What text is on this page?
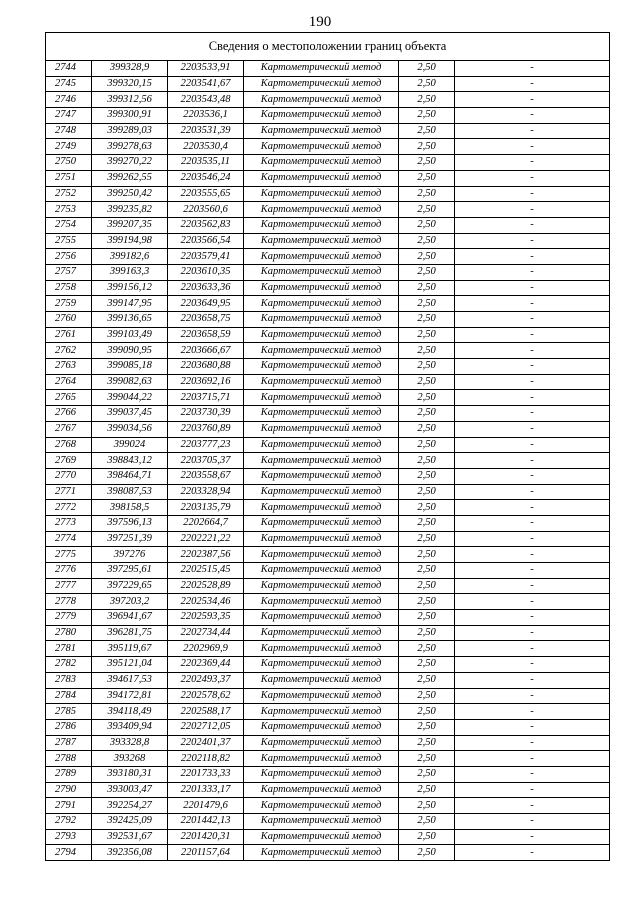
190
Сведения о местоположении границ объекта					
2744	399328,9	2203533,91	Картометрический метод	2,50	-
2745	399320,15	2203541,67	Картометрический метод	2,50	-
2746	399312,56	2203543,48	Картометрический метод	2,50	-
2747	399300,91	2203536,1	Картометрический метод	2,50	-
2748	399289,03	2203531,39	Картометрический метод	2,50	-
2749	399278,63	2203530,4	Картометрический метод	2,50	-
2750	399270,22	2203535,11	Картометрический метод	2,50	-
2751	399262,55	2203546,24	Картометрический метод	2,50	-
2752	399250,42	2203555,65	Картометрический метод	2,50	-
2753	399235,82	2203560,6	Картометрический метод	2,50	-
2754	399207,35	2203562,83	Картометрический метод	2,50	-
2755	399194,98	2203566,54	Картометрический метод	2,50	-
2756	399182,6	2203579,41	Картометрический метод	2,50	-
2757	399163,3	2203610,35	Картометрический метод	2,50	-
2758	399156,12	2203633,36	Картометрический метод	2,50	-
2759	399147,95	2203649,95	Картометрический метод	2,50	-
2760	399136,65	2203658,75	Картометрический метод	2,50	-
2761	399103,49	2203658,59	Картометрический метод	2,50	-
2762	399090,95	2203666,67	Картометрический метод	2,50	-
2763	399085,18	2203680,88	Картометрический метод	2,50	-
2764	399082,63	2203692,16	Картометрический метод	2,50	-
2765	399044,22	2203715,71	Картометрический метод	2,50	-
2766	399037,45	2203730,39	Картометрический метод	2,50	-
2767	399034,56	2203760,89	Картометрический метод	2,50	-
2768	399024	2203777,23	Картометрический метод	2,50	-
2769	398843,12	2203705,37	Картометрический метод	2,50	-
2770	398464,71	2203558,67	Картометрический метод	2,50	-
2771	398087,53	2203328,94	Картометрический метод	2,50	-
2772	398158,5	2203135,79	Картометрический метод	2,50	-
2773	397596,13	2202664,7	Картометрический метод	2,50	-
2774	397251,39	2202221,22	Картометрический метод	2,50	-
2775	397276	2202387,56	Картометрический метод	2,50	-
2776	397295,61	2202515,45	Картометрический метод	2,50	-
2777	397229,65	2202528,89	Картометрический метод	2,50	-
2778	397203,2	2202534,46	Картометрический метод	2,50	-
2779	396941,67	2202593,35	Картометрический метод	2,50	-
2780	396281,75	2202734,44	Картометрический метод	2,50	-
2781	395119,67	2202969,9	Картометрический метод	2,50	-
2782	395121,04	2202369,44	Картометрический метод	2,50	-
2783	394617,53	2202493,37	Картометрический метод	2,50	-
2784	394172,81	2202578,62	Картометрический метод	2,50	-
2785	394118,49	2202588,17	Картометрический метод	2,50	-
2786	393409,94	2202712,05	Картометрический метод	2,50	-
2787	393328,8	2202401,37	Картометрический метод	2,50	-
2788	393268	2202118,82	Картометрический метод	2,50	-
2789	393180,31	2201733,33	Картометрический метод	2,50	-
2790	393003,47	2201333,17	Картометрический метод	2,50	-
2791	392254,27	2201479,6	Картометрический метод	2,50	-
2792	392425,09	2201442,13	Картометрический метод	2,50	-
2793	392531,67	2201420,31	Картометрический метод	2,50	-
2794	392356,08	2201157,64	Картометрический метод	2,50	-
